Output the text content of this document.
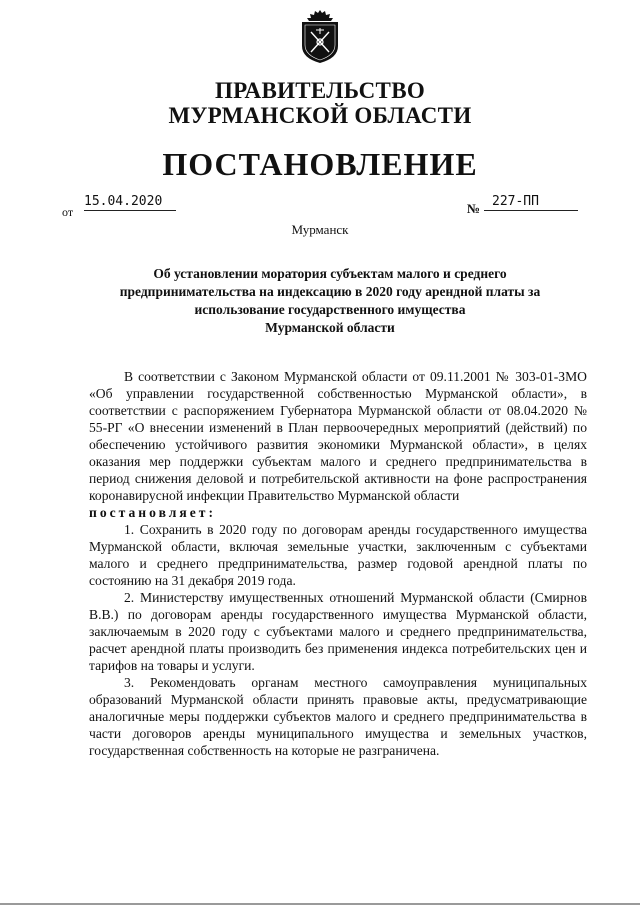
ПРАВИТЕЛЬСТВО
МУРМАНСКОЙ ОБЛАСТИ
ПОСТАНОВЛЕНИЕ
от
15.04.2020	№ 227-ПП
Мурманск
Об установлении моратория субъектам малого и среднего
предпринимательства на индексацию в 2020 году арендной платы за
использование государственного имущества
Мурманской области

В соответствии с Законом Мурманской области от 09.11.2001 № 303-01-ЗМО «Об управлении государственной собственностью Мурманской области», в соответствии с распоряжением Губернатора Мурманской области от 08.04.2020 № 55-РГ «О внесении изменений в План первоочередных мероприятий (действий) по обеспечению устойчивого развития экономики Мурманской области», в целях оказания мер поддержки субъектам малого и среднего предпринимательства в период снижения деловой и потребительской активности на фоне распространения коронавирусной инфекции Правительство Мурманской области

постановляет:

1. Сохранить в 2020 году по договорам аренды государственного имущества Мурманской области, включая земельные участки, заключенным с субъектами малого и среднего предпринимательства, размер годовой арендной платы по состоянию на 31 декабря 2019 года.

2. Министерству имущественных отношений Мурманской области (Смирнов В.В.) по договорам аренды государственного имущества Мурманской области, заключаемым в 2020 году с субъектами малого и среднего предпринимательства, расчет арендной платы производить без применения индекса потребительских цен и тарифов на товары и услуги.

3. Рекомендовать органам местного самоуправления муниципальных образований Мурманской области принять правовые акты, предусматривающие аналогичные меры поддержки субъектов малого и среднего предпринимательства в части договоров аренды муниципального имущества и земельных участков, государственная собственность на которые не разграничена.
